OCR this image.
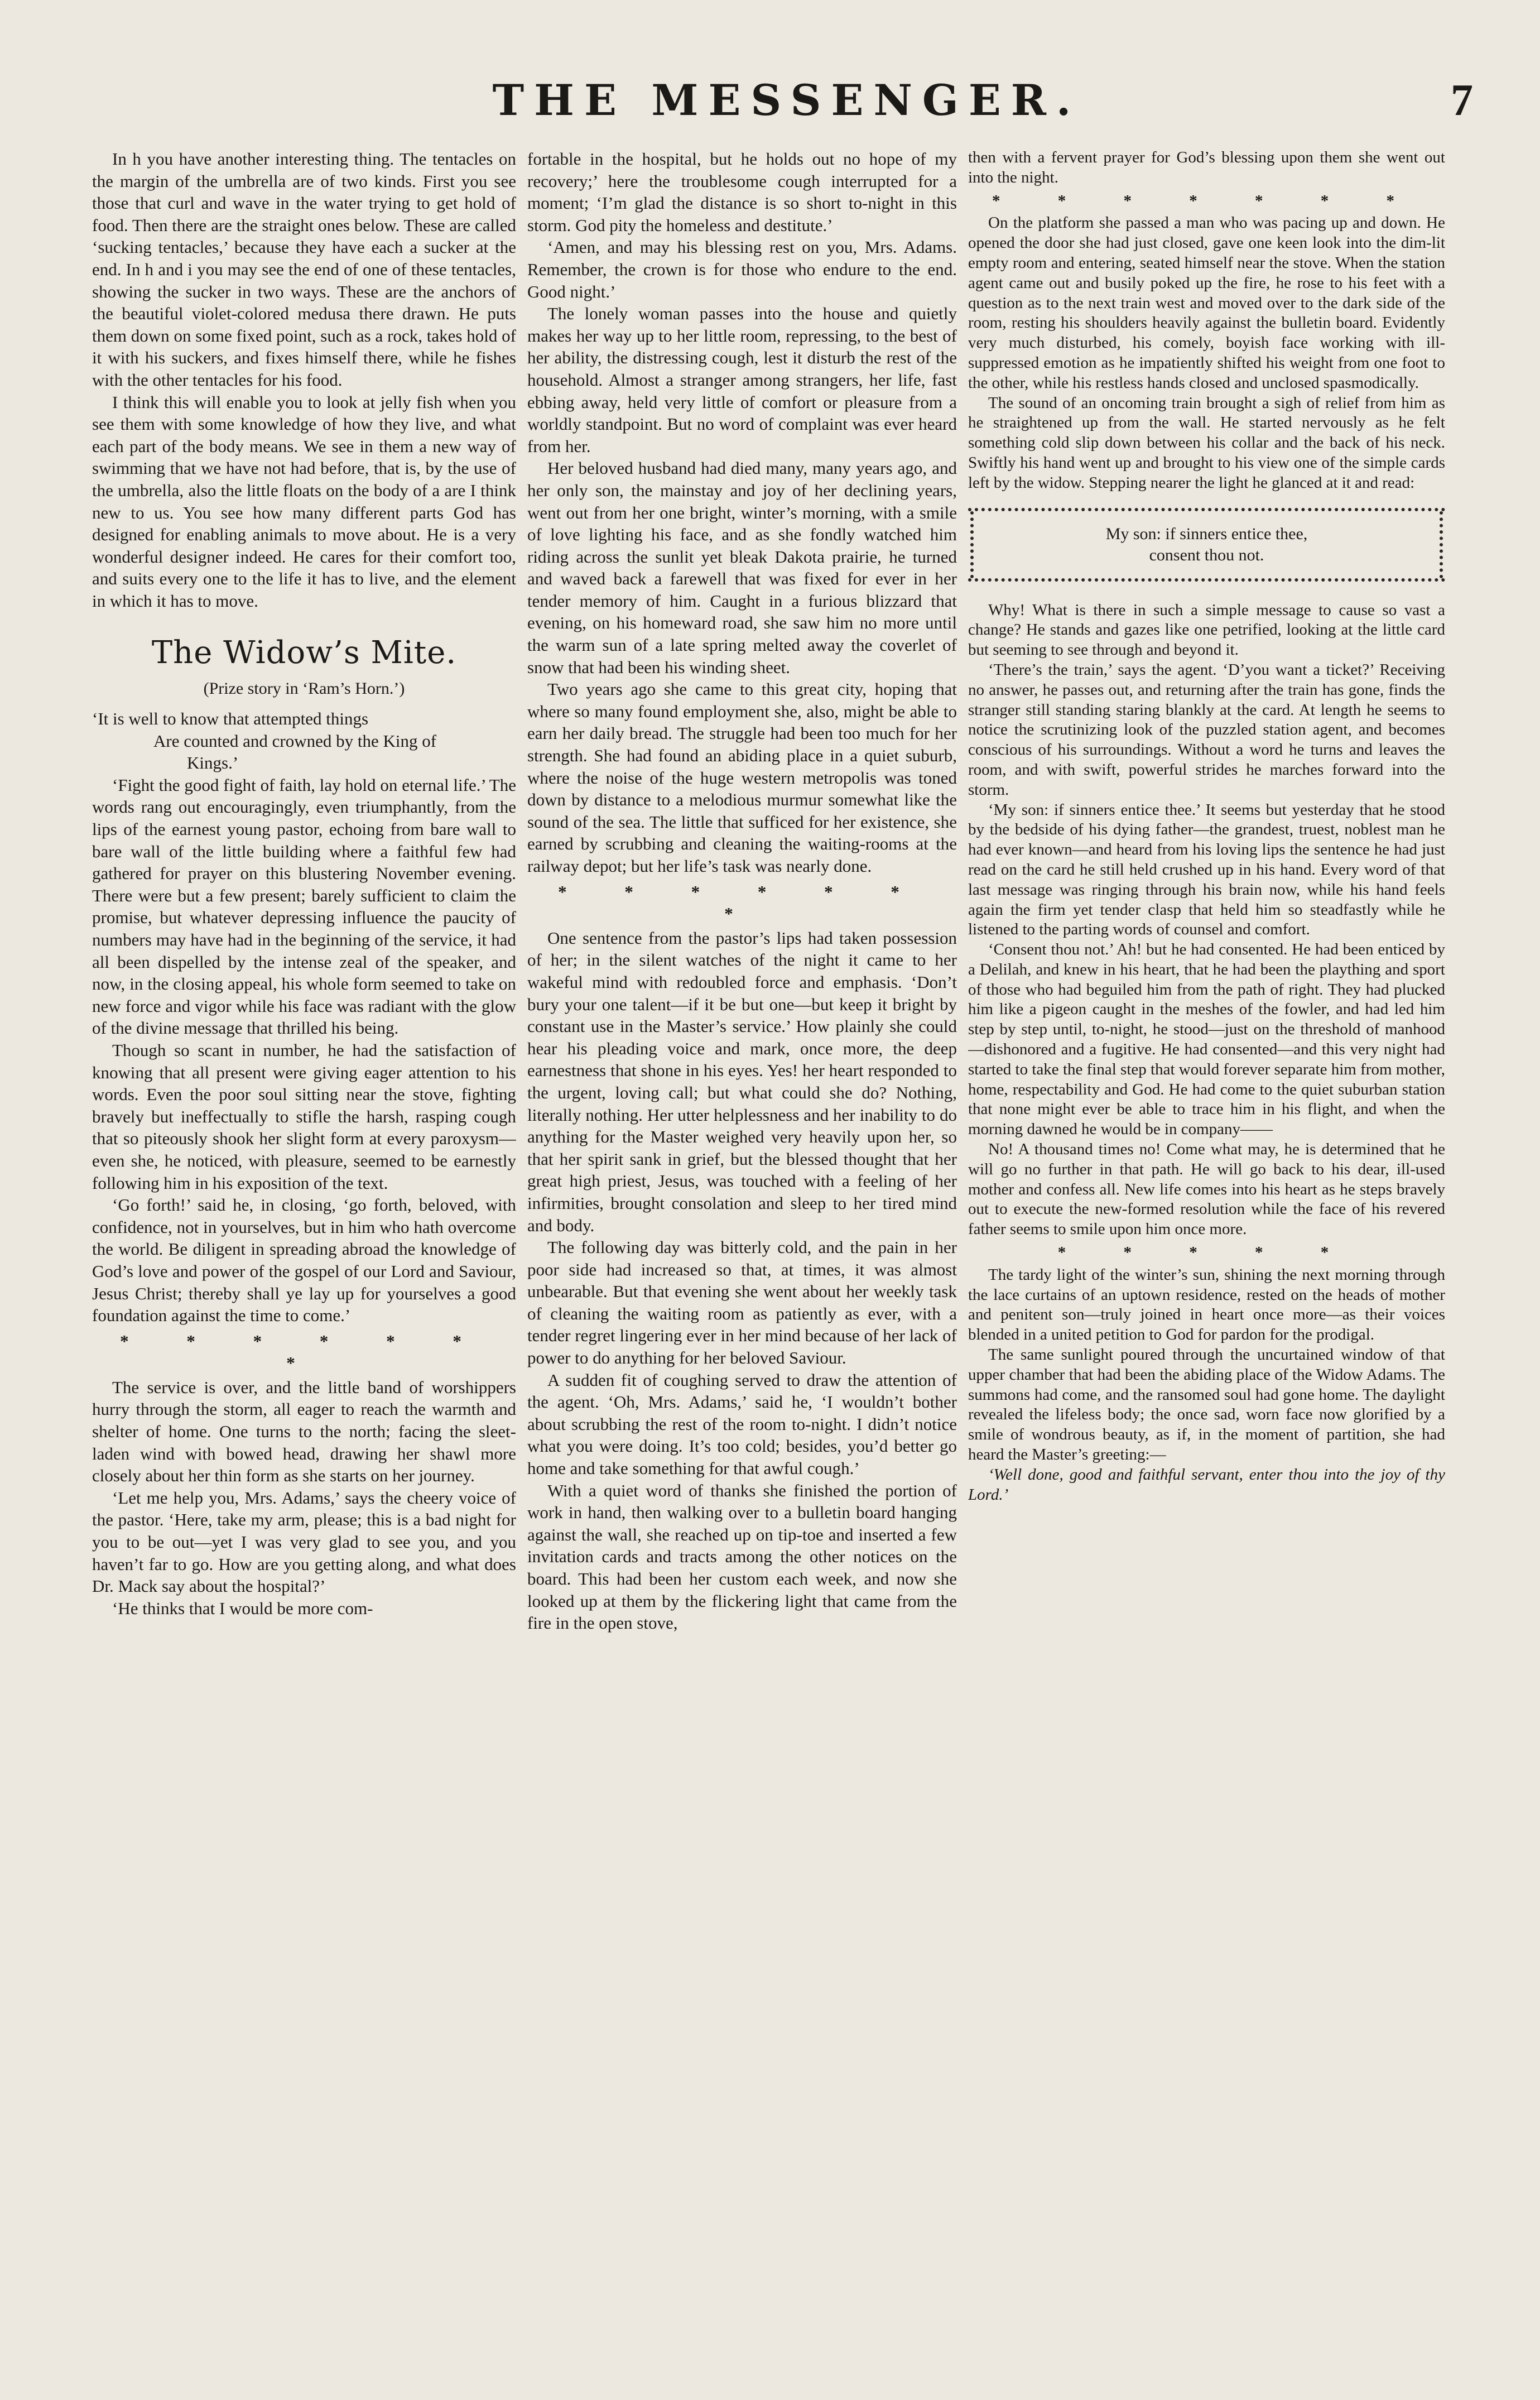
THE MESSENGER.	7

In h you have another interesting thing. The tentacles on the margin of the umbrella are of two kinds. First you see those that curl and wave in the water trying to get hold of food. Then there are the straight ones below. These are called ‘sucking tentacles,’ because they have each a sucker at the end. In h and i you may see the end of one of these tentacles, showing the sucker in two ways. These are the anchors of the beautiful violet-colored medusa there drawn. He puts them down on some fixed point, such as a rock, takes hold of it with his suckers, and fixes himself there, while he fishes with the other tentacles for his food.

I think this will enable you to look at jelly fish when you see them with some knowledge of how they live, and what each part of the body means. We see in them a new way of swimming that we have not had before, that is, by the use of the umbrella, also the little floats on the body of a are I think new to us. You see how many different parts God has designed for enabling animals to move about. He is a very wonderful designer indeed. He cares for their comfort too, and suits every one to the life it has to live, and the element in which it has to move.

The Widow’s Mite.
(Prize story in ‘Ram’s Horn.’)

‘It is well to know that attempted things

Are counted and crowned by the King of

Kings.’

‘Fight the good fight of faith, lay hold on eternal life.’ The words rang out encouragingly, even triumphantly, from the lips of the earnest young pastor, echoing from bare wall to bare wall of the little building where a faithful few had gathered for prayer on this blustering November evening. There were but a few present; barely sufficient to claim the promise, but whatever depressing influence the paucity of numbers may have had in the beginning of the service, it had all been dispelled by the intense zeal of the speaker, and now, in the closing appeal, his whole form seemed to take on new force and vigor while his face was radiant with the glow of the divine message that thrilled his being.

Though so scant in number, he had the satisfaction of knowing that all present were giving eager attention to his words. Even the poor soul sitting near the stove, fighting bravely but ineffectually to stifle the harsh, rasping cough that so piteously shook her slight form at every paroxysm—even she, he noticed, with pleasure, seemed to be earnestly following him in his exposition of the text.

‘Go forth!’ said he, in closing, ‘go forth, beloved, with confidence, not in yourselves, but in him who hath overcome the world. Be diligent in spreading abroad the knowledge of God’s love and power of the gospel of our Lord and Saviour, Jesus Christ; thereby shall ye lay up for yourselves a good foundation against the time to come.’

* * * * * * *

The service is over, and the little band of worshippers hurry through the storm, all eager to reach the warmth and shelter of home. One turns to the north; facing the sleet-laden wind with bowed head, drawing her shawl more closely about her thin form as she starts on her journey.

‘Let me help you, Mrs. Adams,’ says the cheery voice of the pastor. ‘Here, take my arm, please; this is a bad night for you to be out—yet I was very glad to see you, and you haven’t far to go. How are you getting along, and what does Dr. Mack say about the hospital?’

‘He thinks that I would be more com-

fortable in the hospital, but he holds out no hope of my recovery;’ here the troublesome cough interrupted for a moment; ‘I’m glad the distance is so short to-night in this storm. God pity the homeless and destitute.’

‘Amen, and may his blessing rest on you, Mrs. Adams. Remember, the crown is for those who endure to the end. Good night.’

The lonely woman passes into the house and quietly makes her way up to her little room, repressing, to the best of her ability, the distressing cough, lest it disturb the rest of the household. Almost a stranger among strangers, her life, fast ebbing away, held very little of comfort or pleasure from a worldly standpoint. But no word of complaint was ever heard from her.

Her beloved husband had died many, many years ago, and her only son, the mainstay and joy of her declining years, went out from her one bright, winter’s morning, with a smile of love lighting his face, and as she fondly watched him riding across the sunlit yet bleak Dakota prairie, he turned and waved back a farewell that was fixed for ever in her tender memory of him. Caught in a furious blizzard that evening, on his homeward road, she saw him no more until the warm sun of a late spring melted away the coverlet of snow that had been his winding sheet.

Two years ago she came to this great city, hoping that where so many found employment she, also, might be able to earn her daily bread. The struggle had been too much for her strength. She had found an abiding place in a quiet suburb, where the noise of the huge western metropolis was toned down by distance to a melodious murmur somewhat like the sound of the sea. The little that sufficed for her existence, she earned by scrubbing and cleaning the waiting-rooms at the railway depot; but her life’s task was nearly done.

* * * * * * *

One sentence from the pastor’s lips had taken possession of her; in the silent watches of the night it came to her wakeful mind with redoubled force and emphasis. ‘Don’t bury your one talent—if it be but one—but keep it bright by constant use in the Master’s service.’ How plainly she could hear his pleading voice and mark, once more, the deep earnestness that shone in his eyes. Yes! her heart responded to the urgent, loving call; but what could she do? Nothing, literally nothing. Her utter helplessness and her inability to do anything for the Master weighed very heavily upon her, so that her spirit sank in grief, but the blessed thought that her great high priest, Jesus, was touched with a feeling of her infirmities, brought consolation and sleep to her tired mind and body.

The following day was bitterly cold, and the pain in her poor side had increased so that, at times, it was almost unbearable. But that evening she went about her weekly task of cleaning the waiting room as patiently as ever, with a tender regret lingering ever in her mind because of her lack of power to do anything for her beloved Saviour.

A sudden fit of coughing served to draw the attention of the agent. ‘Oh, Mrs. Adams,’ said he, ‘I wouldn’t bother about scrubbing the rest of the room to-night. I didn’t notice what you were doing. It’s too cold; besides, you’d better go home and take something for that awful cough.’

With a quiet word of thanks she finished the portion of work in hand, then walking over to a bulletin board hanging against the wall, she reached up on tip-toe and inserted a few invitation cards and tracts among the other notices on the board. This had been her custom each week, and now she looked up at them by the flickering light that came from the fire in the open stove,

then with a fervent prayer for God’s blessing upon them she went out into the night.

* * * * * * *

On the platform she passed a man who was pacing up and down. He opened the door she had just closed, gave one keen look into the dim-lit empty room and entering, seated himself near the stove. When the station agent came out and busily poked up the fire, he rose to his feet with a question as to the next train west and moved over to the dark side of the room, resting his shoulders heavily against the bulletin board. Evidently very much disturbed, his comely, boyish face working with ill-suppressed emotion as he impatiently shifted his weight from one foot to the other, while his restless hands closed and unclosed spasmodically.

The sound of an oncoming train brought a sigh of relief from him as he straightened up from the wall. He started nervously as he felt something cold slip down between his collar and the back of his neck. Swiftly his hand went up and brought to his view one of the simple cards left by the widow. Stepping nearer the light he glanced at it and read:

My son: if sinners entice thee,
consent thou not.

Why! What is there in such a simple message to cause so vast a change? He stands and gazes like one petrified, looking at the little card but seeming to see through and beyond it.

‘There’s the train,’ says the agent. ‘D’you want a ticket?’ Receiving no answer, he passes out, and returning after the train has gone, finds the stranger still standing staring blankly at the card. At length he seems to notice the scrutinizing look of the puzzled station agent, and becomes conscious of his surroundings. Without a word he turns and leaves the room, and with swift, powerful strides he marches forward into the storm.

‘My son: if sinners entice thee.’ It seems but yesterday that he stood by the bedside of his dying father—the grandest, truest, noblest man he had ever known—and heard from his loving lips the sentence he had just read on the card he still held crushed up in his hand. Every word of that last message was ringing through his brain now, while his hand feels again the firm yet tender clasp that held him so steadfastly while he listened to the parting words of counsel and comfort.

‘Consent thou not.’ Ah! but he had consented. He had been enticed by a Delilah, and knew in his heart, that he had been the plaything and sport of those who had beguiled him from the path of right. They had plucked him like a pigeon caught in the meshes of the fowler, and had led him step by step until, to-night, he stood—just on the threshold of manhood—dishonored and a fugitive. He had consented—and this very night had started to take the final step that would forever separate him from mother, home, respectability and God. He had come to the quiet suburban station that none might ever be able to trace him in his flight, and when the morning dawned he would be in company——

No! A thousand times no! Come what may, he is determined that he will go no further in that path. He will go back to his dear, ill-used mother and confess all. New life comes into his heart as he steps bravely out to execute the new-formed resolution while the face of his revered father seems to smile upon him once more.

* * * * *

The tardy light of the winter’s sun, shining the next morning through the lace curtains of an uptown residence, rested on the heads of mother and penitent son—truly joined in heart once more—as their voices blended in a united petition to God for pardon for the prodigal.

The same sunlight poured through the uncurtained window of that upper chamber that had been the abiding place of the Widow Adams. The summons had come, and the ransomed soul had gone home. The daylight revealed the lifeless body; the once sad, worn face now glorified by a smile of wondrous beauty, as if, in the moment of partition, she had heard the Master’s greeting:—

‘Well done, good and faithful servant, enter thou into the joy of thy Lord.’
